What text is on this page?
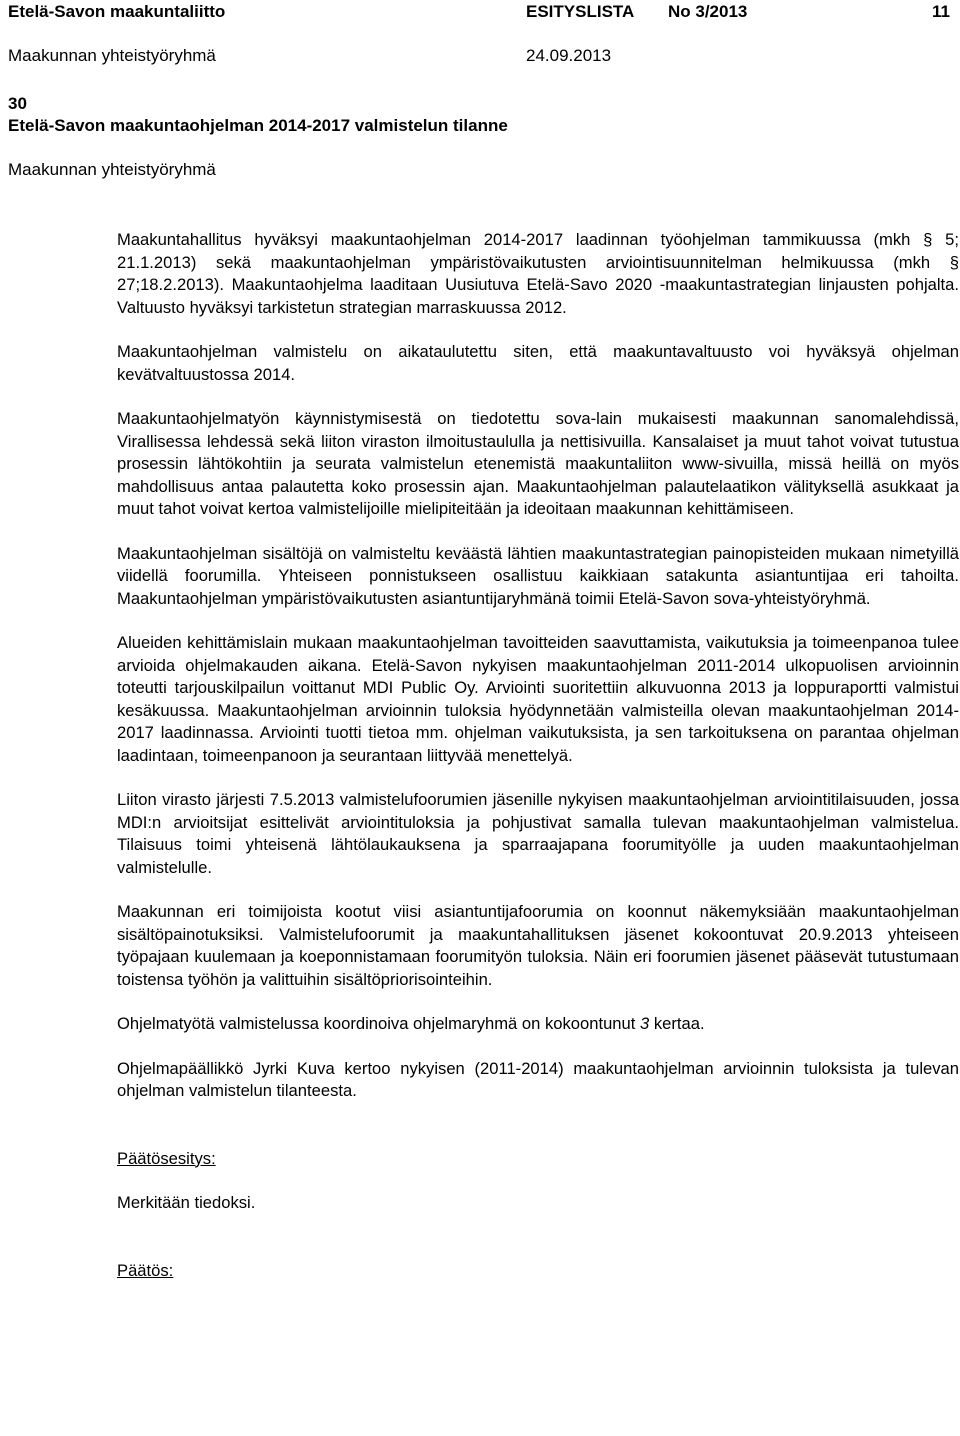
Etelä-Savon maakuntaliitto	ESITYSLISTA No 3/2013	11
Maakunnan yhteistyöryhmä	24.09.2013
30
Etelä-Savon maakuntaohjelman 2014-2017 valmistelun tilanne
Maakunnan yhteistyöryhmä

Maakuntahallitus hyväksyi maakuntaohjelman 2014-2017 laadinnan työohjelman tammikuussa (mkh § 5; 21.1.2013) sekä maakuntaohjelman ympäristövaikutusten arviointisuunnitelman helmikuussa (mkh § 27;18.2.2013). Maakuntaohjelma laaditaan Uusiutuva Etelä-Savo 2020 -maakuntastrategian linjausten pohjalta. Valtuusto hyväksyi tarkistetun strategian marraskuussa 2012.

Maakuntaohjelman valmistelu on aikataulutettu siten, että maakuntavaltuusto voi hyväksyä ohjelman kevätvaltuustossa 2014.

Maakuntaohjelmatyön käynnistymisestä on tiedotettu sova-lain mukaisesti maakunnan sanomalehdissä, Virallisessa lehdessä sekä liiton viraston ilmoitustaululla ja nettisivuilla. Kansalaiset ja muut tahot voivat tutustua prosessin lähtökohtiin ja seurata valmistelun etenemistä maakuntaliiton www-sivuilla, missä heillä on myös mahdollisuus antaa palautetta koko prosessin ajan. Maakuntaohjelman palautelaatikon välityksellä asukkaat ja muut tahot voivat kertoa valmistelijoille mielipiteitään ja ideoitaan maakunnan kehittämiseen.

Maakuntaohjelman sisältöjä on valmisteltu keväästä lähtien maakuntastrategian painopisteiden mukaan nimetyillä viidellä foorumilla. Yhteiseen ponnistukseen osallistuu kaikkiaan satakunta asiantuntijaa eri tahoilta. Maakuntaohjelman ympäristövaikutusten asiantuntijaryhmänä toimii Etelä-Savon sova-yhteistyöryhmä.

Alueiden kehittämislain mukaan maakuntaohjelman tavoitteiden saavuttamista, vaikutuksia ja toimeenpanoa tulee arvioida ohjelmakauden aikana. Etelä-Savon nykyisen maakuntaohjelman 2011-2014 ulkopuolisen arvioinnin toteutti tarjouskilpailun voittanut MDI Public Oy. Arviointi suoritettiin alkuvuonna 2013 ja loppuraportti valmistui kesäkuussa. Maakuntaohjelman arvioinnin tuloksia hyödynnetään valmisteilla olevan maakuntaohjelman 2014-2017 laadinnassa. Arviointi tuotti tietoa mm. ohjelman vaikutuksista, ja sen tarkoituksena on parantaa ohjelman laadintaan, toimeenpanoon ja seurantaan liittyvää menettelyä.

Liiton virasto järjesti 7.5.2013 valmistelufoorumien jäsenille nykyisen maakuntaohjelman arviointitilaisuuden, jossa MDI:n arvioitsijat esittelivät arviointituloksia ja pohjustivat samalla tulevan maakuntaohjelman valmistelua. Tilaisuus toimi yhteisenä lähtölaukauksena ja sparraajapana foorumityölle ja uuden maakuntaohjelman valmistelulle.

Maakunnan eri toimijoista kootut viisi asiantuntijafoorumia on koonnut näkemyksiään maakuntaohjelman sisältöpainotuksiksi. Valmistelufoorumit ja maakuntahallituksen jäsenet kokoontuvat 20.9.2013 yhteiseen työpajaan kuulemaan ja koeponnistamaan foorumityön tuloksia. Näin eri foorumien jäsenet pääsevät tutustumaan toistensa työhön ja valittuihin sisältöpriorisointeihin.

Ohjelmatyötä valmistelussa koordinoiva ohjelmaryhmä on kokoontunut 3 kertaa.

Ohjelmapäällikkö Jyrki Kuva kertoo nykyisen (2011-2014) maakuntaohjelman arvioinnin tuloksista ja tulevan ohjelman valmistelun tilanteesta.

Päätösesitys:

Merkitään tiedoksi.

Päätös:
